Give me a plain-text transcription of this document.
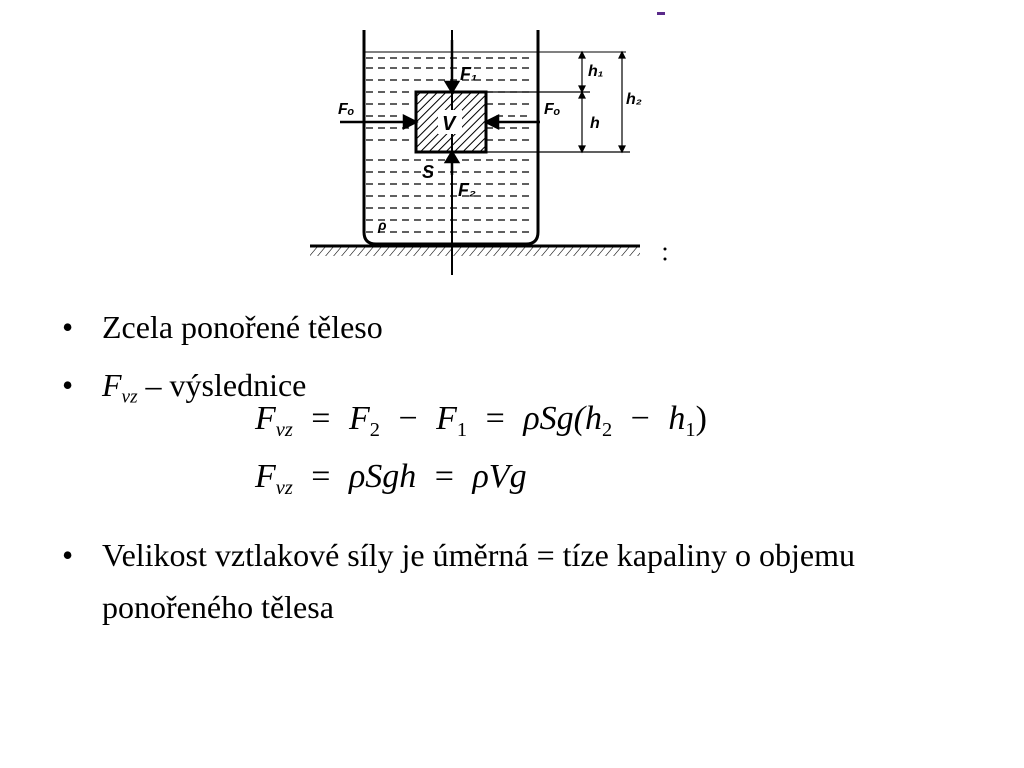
F₁
F₂
Fₒ	Fₒ
V
S
ρ
h₁
h
h₂
• Zcela ponořené těleso
• $F_{vz}$ – výslednice
$F_{vz} = F_2 - F_1 = \rho Sg(h_2 - h_1)$
$F_{vz} = \rho Sgh = \rho Vg$
• Velikost vztlakové síly je úměrná = tíze kapaliny o objemu ponořeného tělesa
